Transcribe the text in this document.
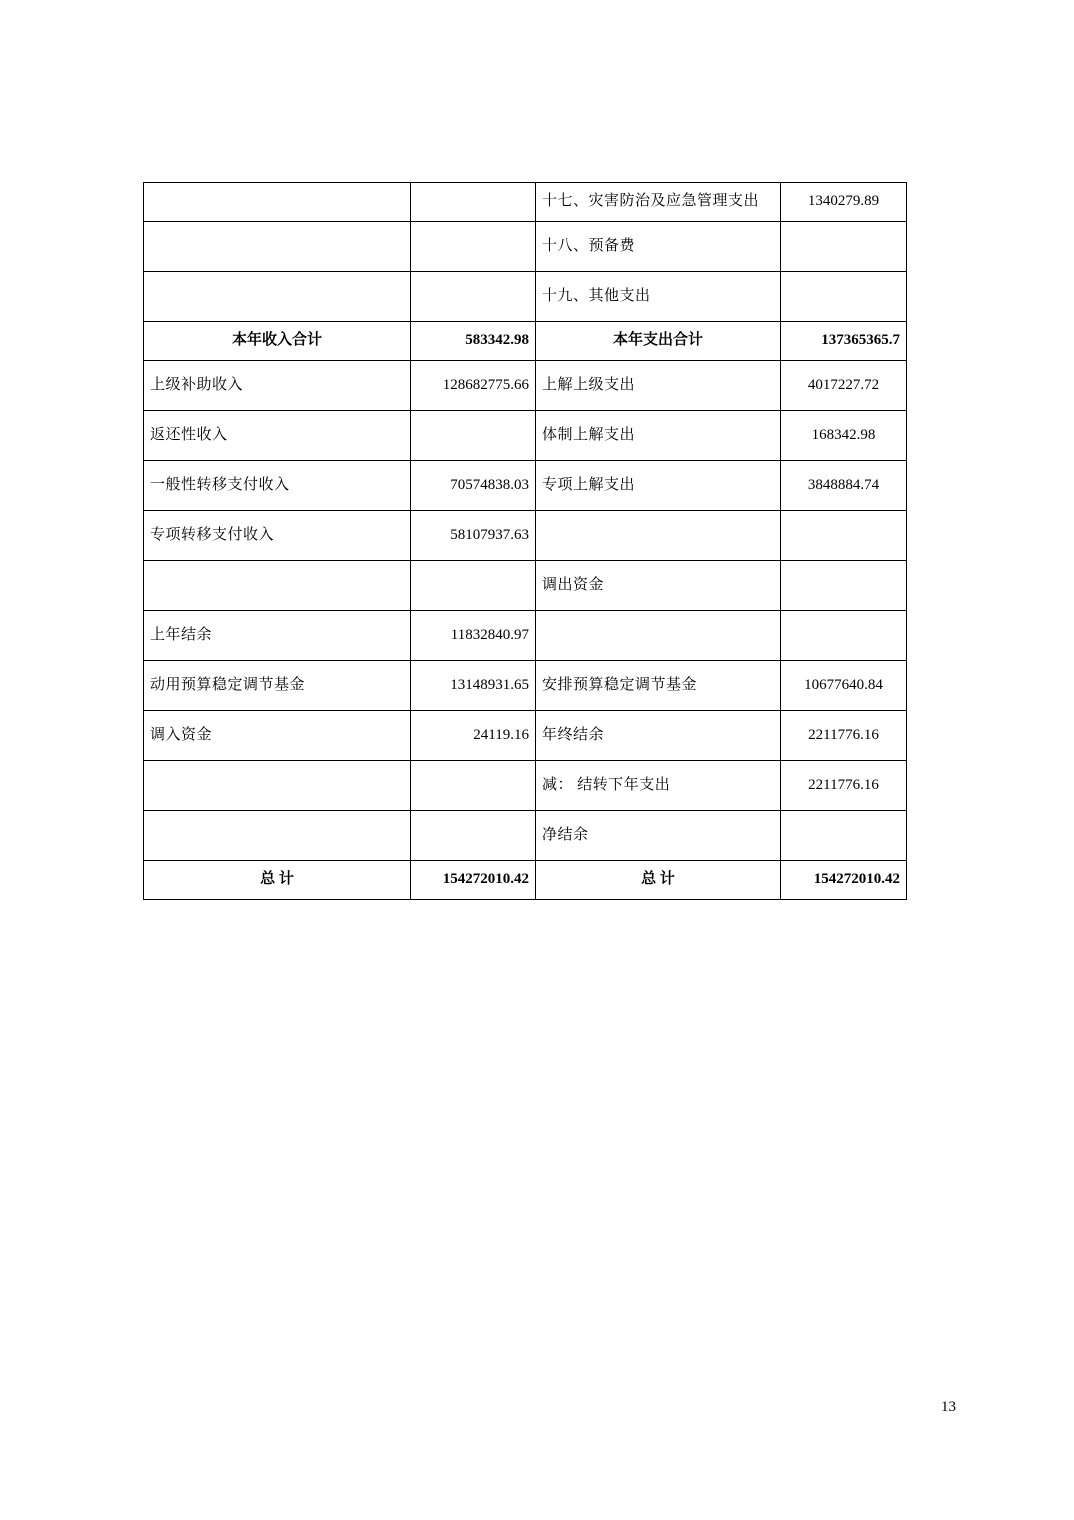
		十七、灾害防治及应急管理支出	1340279.89
		十八、预备费	
		十九、其他支出	
本年收入合计	583342.98	本年支出合计	137365365.7
上级补助收入	128682775.66	上解上级支出	4017227.72
返还性收入		体制上解支出	168342.98
一般性转移支付收入	70574838.03	专项上解支出	3848884.74
专项转移支付收入	58107937.63		
		调出资金	
上年结余	11832840.97		
动用预算稳定调节基金	13148931.65	安排预算稳定调节基金	10677640.84
调入资金	24119.16	年终结余	2211776.16
		减： 结转下年支出	2211776.16
		净结余	
总 计	154272010.42	总 计	154272010.42
13
